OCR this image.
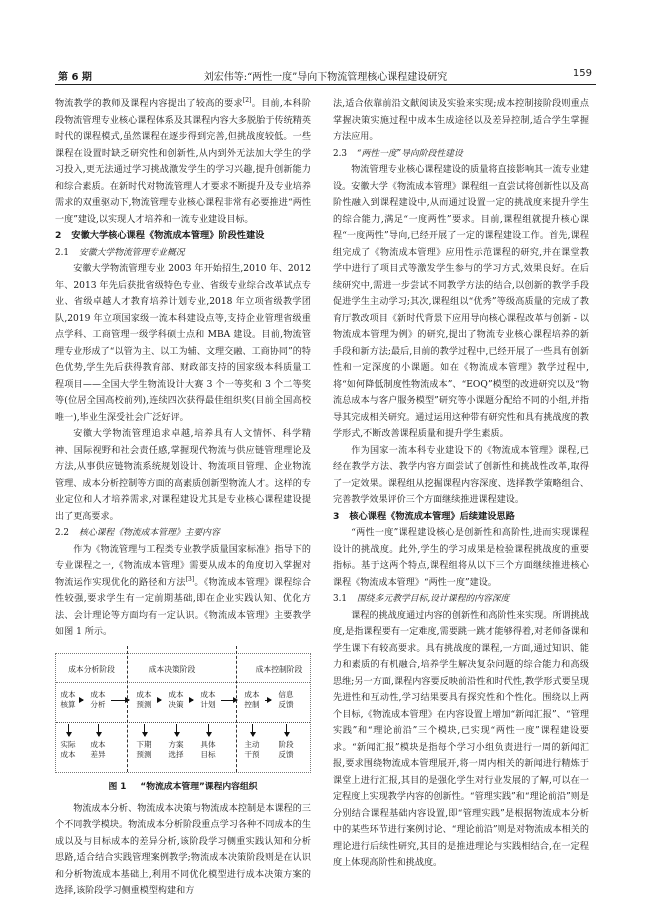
第 6 期	刘宏伟等:“两性一度”导向下物流管理核心课程建设研究	159

物流教学的教师及课程内容提出了较高的要求[2]。目前,本科阶段物流管理专业核心课程体系及其课程内容大多脱胎于传统精英时代的课程模式,虽然课程在逐步得到完善,但挑战度较低。一些课程在设置时缺乏研究性和创新性,从内到外无法加大学生的学习投入,更无法通过学习挑战激发学生的学习兴趣,提升创新能力和综合素质。在新时代对物流管理人才要求不断提升及专业培养需求的双重驱动下,物流管理专业核心课程非常有必要推进“两性一度”建设,以实现人才培养和一流专业建设目标。

2 安徽大学核心课程《物流成本管理》阶段性建设
2.1 安徽大学物流管理专业概况

安徽大学物流管理专业 2003 年开始招生,2010 年、2012 年、2013 年先后获批省级特色专业、省级专业综合改革试点专业、省级卓越人才教育培养计划专业,2018 年立项省级教学团队,2019 年立项国家级一流本科建设点等,支持企业管理省级重点学科、工商管理一级学科硕士点和 MBA 建设。目前,物流管理专业形成了“以管为主、以工为辅、文理交融、工商协同”的特色优势,学生先后获得教育部、财政部支持的国家级本科质量工程项目——全国大学生物流设计大赛 3 个一等奖和 3 个二等奖等(位居全国高校前列),连续四次获得最佳组织奖(目前全国高校唯一),毕业生深受社会广泛好评。

安徽大学物流管理追求卓越,培养具有人文情怀、科学精神、国际视野和社会责任感,掌握现代物流与供应链管理理论及方法,从事供应链物流系统规划设计、物流项目管理、企业物流管理、成本分析控制等方面的高素质创新型物流人才。这样的专业定位和人才培养需求,对课程建设尤其是专业核心课程建设提出了更高要求。

2.2 核心课程《物流成本管理》主要内容

作为《物流管理与工程类专业教学质量国家标准》指导下的专业课程之一,《物流成本管理》需要从成本的角度切入掌握对物流运作实现优化的路径和方法[3]。《物流成本管理》课程综合性较强,要求学生有一定前期基础,即在企业实践认知、优化方法、会计理论等方面均有一定认识。《物流成本管理》主要教学如图 1 所示。

成本分析阶段	成本决策阶段	成本控制阶段
成本
核算
实际
成本
成本
分析
成本
差异
成本
预测
下期
预测
成本
决策
方案
选择
成本
计划
具体
目标
成本
控制
主动
干预
信息
反馈
阶段
反馈
图 1 “物流成本管理”课程内容组织

物流成本分析、物流成本决策与物流成本控制是本课程的三个不同教学模块。物流成本分析阶段重点学习各种不同成本的生成以及与目标成本的差异分析,该阶段学习侧重实践认知和分析思路,适合结合实践管理案例教学;物流成本决策阶段则是在认识和分析物流成本基础上,利用不同优化模型进行成本决策方案的选择,该阶段学习侧重模型构建和方

法,适合依靠前沿文献阅读及实验来实现;成本控制接阶段则重点掌握决策实施过程中成本生成途径以及差异控制,适合学生掌握方法应用。

2.3 “两性一度”导向阶段性建设

物流管理专业核心课程建设的质量将直接影响其一流专业建设。安徽大学《物流成本管理》课程组一直尝试将创新性以及高阶性融入到课程建设中,从而通过设置一定的挑战度来提升学生的综合能力,满足“一度两性”要求。目前,课程组就提升核心课程“一度两性”导向,已经开展了一定的课程建设工作。首先,课程组完成了《物流成本管理》应用性示范课程的研究,并在课堂教学中进行了项目式等激发学生参与的学习方式,效果良好。在后续研究中,需进一步尝试不同教学方法的结合,以创新的教学手段促进学生主动学习;其次,课程组以“优秀”等级高质量的完成了教育厅教改项目《新时代背景下应用导向核心课程改革与创新 - 以物流成本管理为例》的研究,提出了物流专业核心课程培养的新手段和新方法;最后,目前的教学过程中,已经开展了一些具有创新性和一定深度的小课题。如在《物流成本管理》教学过程中,将“如何降低制度性物流成本”、“EOQ”模型的改进研究以及“物流总成本与客户服务模型”研究等小课题分配给不同的小组,并指导其完成相关研究。通过运用这种带有研究性和具有挑战度的教学形式,不断改善课程质量和提升学生素质。

作为国家一流本科专业建设下的《物流成本管理》课程,已经在教学方法、教学内容方面尝试了创新性和挑战性改革,取得了一定效果。课程组从挖掘课程内容深度、选择教学策略组合、完善教学效果评价三个方面继续推进课程建设。

3 核心课程《物流成本管理》后续建设思路

“两性一度”课程建设核心是创新性和高阶性,进而实现课程设计的挑战度。此外,学生的学习成果是检验课程挑战度的重要指标。基于这两个特点,课程组将从以下三个方面继续推进核心课程《物流成本管理》“两性一度”建设。

3.1 围绕多元教学目标,设计课程的内容深度

课程的挑战度通过内容的创新性和高阶性来实现。所谓挑战度,是指课程要有一定难度,需要跳一跳才能够得着,对老师备课和学生课下有较高要求。具有挑战度的课程,一方面,通过知识、能力和素质的有机融合,培养学生解决复杂问题的综合能力和高级思维;另一方面,课程内容要反映前沿性和时代性,教学形式要呈现先进性和互动性,学习结果要具有探究性和个性化。围绕以上两个目标,《物流成本管理》在内容设置上增加“新闻汇报”、“管理实践”和“理论前沿”三个模块,已实现“两性一度”课程建设要求。“新闻汇报”模块是指每个学习小组负责进行一周的新闻汇报,要求围绕物流成本管理展开,将一周内相关的新闻进行精炼于课堂上进行汇报,其目的是强化学生对行业发展的了解,可以在一定程度上实现教学内容的创新性。“管理实践”和“理论前沿”则是分别结合课程基础内容设置,即“管理实践”是根据物流成本分析中的某些环节进行案例讨论、“理论前沿”则是对物流成本相关的理论进行后续性研究,其目的是推进理论与实践相结合,在一定程度上体现高阶性和挑战度。
